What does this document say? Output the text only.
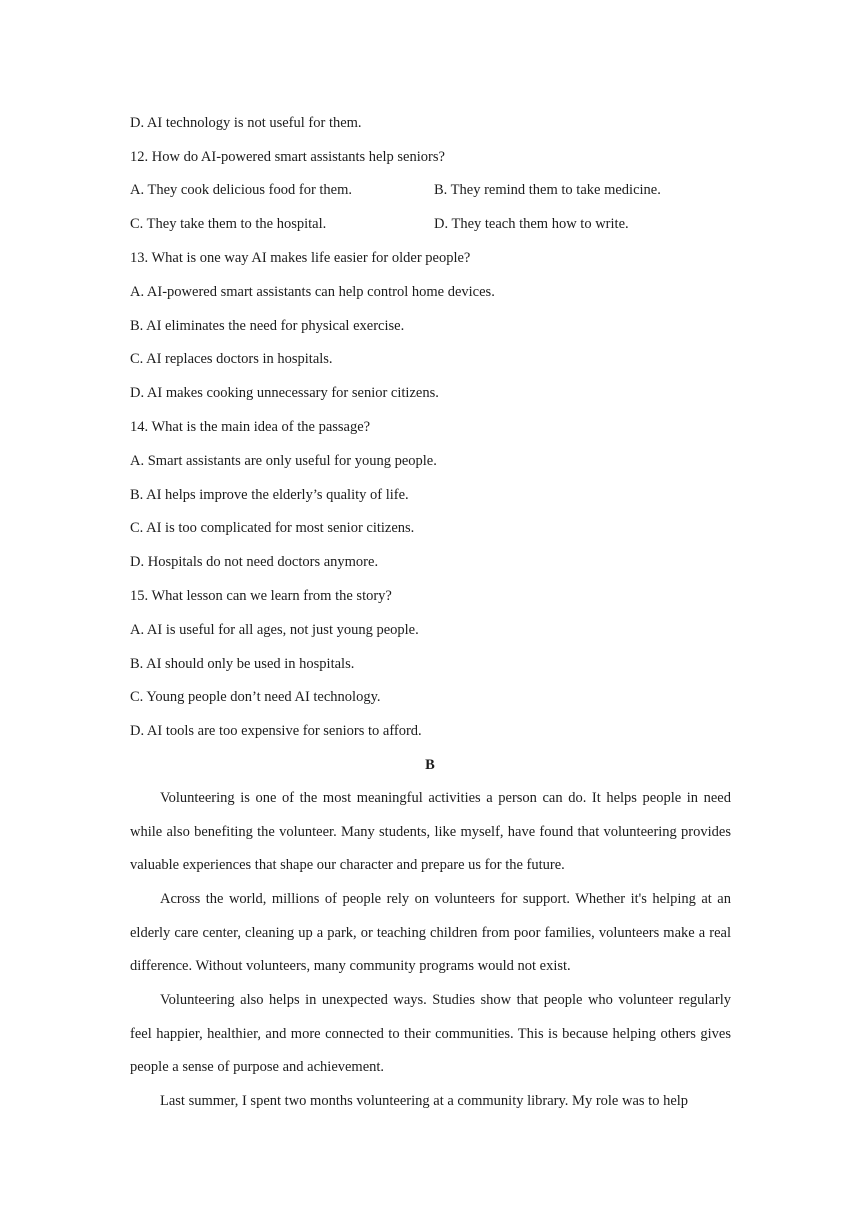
D. AI technology is not useful for them.
12. How do AI-powered smart assistants help seniors?
A. They cook delicious food for them.	B. They remind them to take medicine.
C. They take them to the hospital.	D. They teach them how to write.
13. What is one way AI makes life easier for older people?
A. AI-powered smart assistants can help control home devices.
B. AI eliminates the need for physical exercise.
C. AI replaces doctors in hospitals.
D. AI makes cooking unnecessary for senior citizens.
14. What is the main idea of the passage?
A. Smart assistants are only useful for young people.
B. AI helps improve the elderly’s quality of life.
C. AI is too complicated for most senior citizens.
D. Hospitals do not need doctors anymore.
15. What lesson can we learn from the story?
A. AI is useful for all ages, not just young people.
B. AI should only be used in hospitals.
C. Young people don’t need AI technology.
D. AI tools are too expensive for seniors to afford.
B

Volunteering is one of the most meaningful activities a person can do. It helps people in need while also benefiting the volunteer. Many students, like myself, have found that volunteering provides valuable experiences that shape our character and prepare us for the future.

Across the world, millions of people rely on volunteers for support. Whether it's helping at an elderly care center, cleaning up a park, or teaching children from poor families, volunteers make a real difference. Without volunteers, many community programs would not exist.

Volunteering also helps in unexpected ways. Studies show that people who volunteer regularly feel happier, healthier, and more connected to their communities. This is because helping others gives people a sense of purpose and achievement.

Last summer, I spent two months volunteering at a community library. My role was to help
